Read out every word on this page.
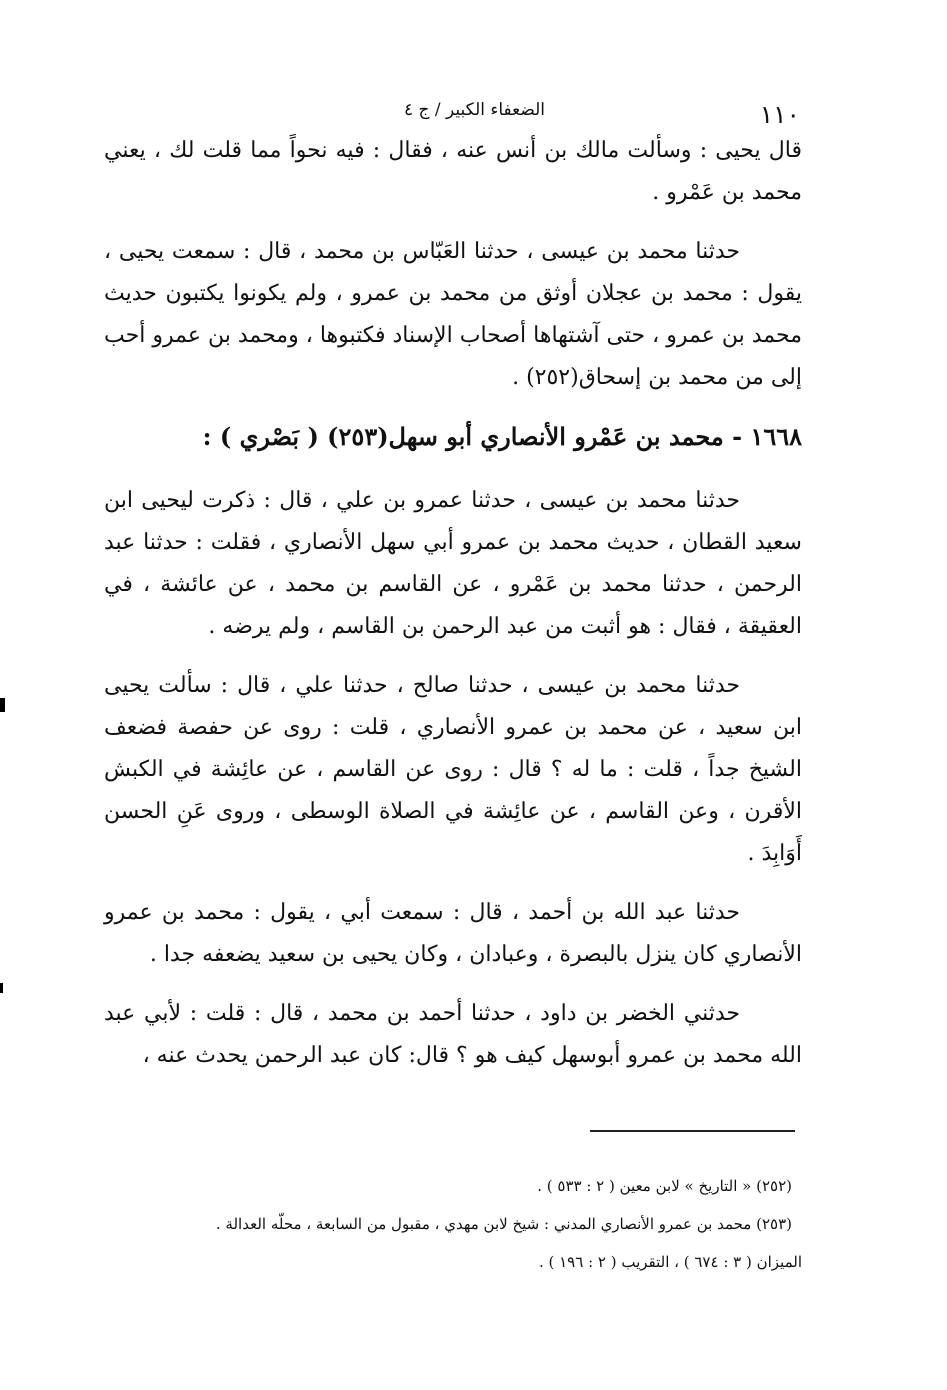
١١٠
الضعفاء الكبير / ج ٤

قال يحيى : وسألت مالك بن أنس عنه ، فقال : فيه نحواً مما قلت لك ، يعني محمد بن عَمْرو .

حدثنا محمد بن عيسى ، حدثنا العَبّاس بن محمد ، قال : سمعت يحيى ، يقول : محمد بن عجلان أوثق من محمد بن عمرو ، ولم يكونوا يكتبون حديث محمد بن عمرو ، حتى آشتهاها أصحاب الإسناد فكتبوها ، ومحمد بن عمرو أحب إلى من محمد بن إسحاق(٢٥٢) .

١٦٦٨ - محمد بن عَمْرو الأنصاري أبو سهل(٢٥٣) ( بَصْري ) :

حدثنا محمد بن عيسى ، حدثنا عمرو بن علي ، قال : ذكرت ليحيى ابن سعيد القطان ، حديث محمد بن عمرو أبي سهل الأنصاري ، فقلت : حدثنا عبد الرحمن ، حدثنا محمد بن عَمْرو ، عن القاسم بن محمد ، عن عائشة ، في العقيقة ، فقال : هو أثبت من عبد الرحمن بن القاسم ، ولم يرضه .

حدثنا محمد بن عيسى ، حدثنا صالح ، حدثنا علي ، قال : سألت يحيى ابن سعيد ، عن محمد بن عمرو الأنصاري ، قلت : روى عن حفصة فضعف الشيخ جداً ، قلت : ما له ؟ قال : روى عن القاسم ، عن عائِشة في الكبش الأقرن ، وعن القاسم ، عن عائِشة في الصلاة الوسطى ، وروى عَنِ الحسن أَوَابِدَ .

حدثنا عبد الله بن أحمد ، قال : سمعت أبي ، يقول : محمد بن عمرو الأنصاري كان ينزل بالبصرة ، وعبادان ، وكان يحيى بن سعيد يضعفه جدا .

حدثني الخضر بن داود ، حدثنا أحمد بن محمد ، قال : قلت : لأبي عبد الله محمد بن عمرو أبوسهل كيف هو ؟ قال: كان عبد الرحمن يحدث عنه ،

(٢٥٢) « التاريخ » لابن معين ( ٢ : ٥٣٣ ) .

(٢٥٣) محمد بن عمرو الأنصاري المدني : شيخ لابن مهدي ، مقبول من السابعة ، محلّه العدالة .

الميزان ( ٣ : ٦٧٤ ) ، التقريب ( ٢ : ١٩٦ ) .
